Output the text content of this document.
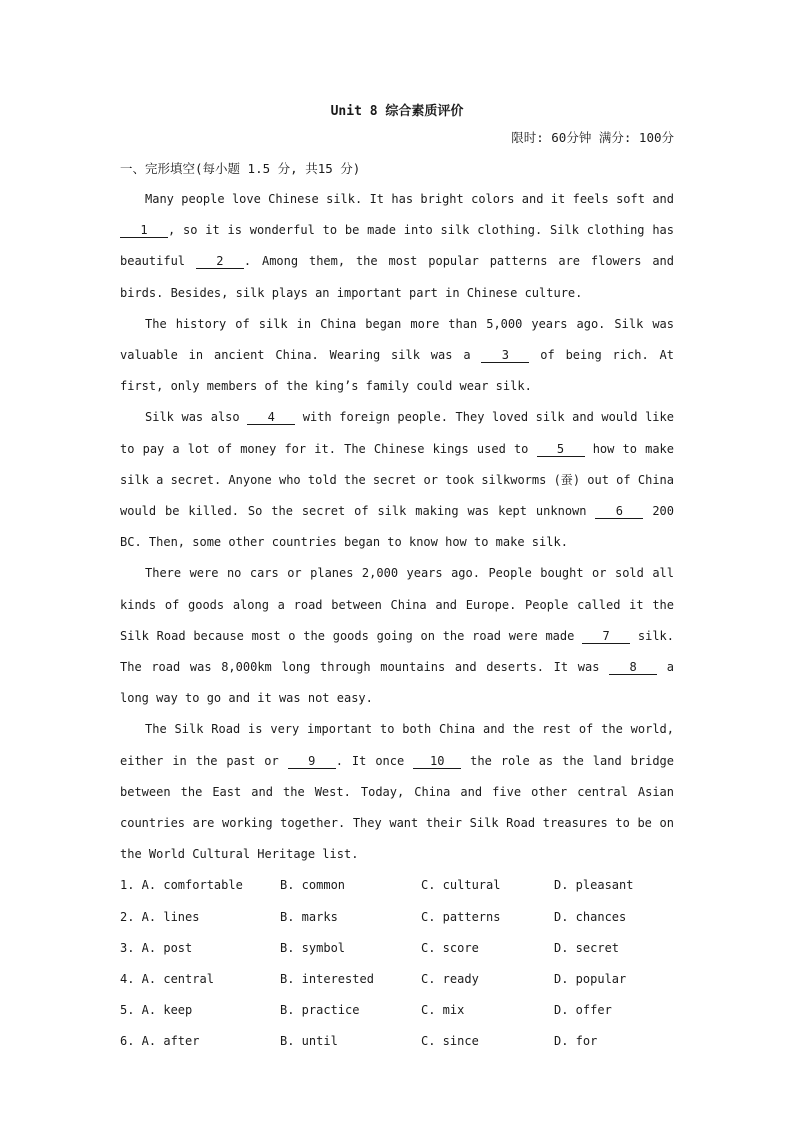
Unit 8 综合素质评价

限时: 60分钟 满分: 100分

一、完形填空(每小题 1.5 分, 共15 分)

Many people love Chinese silk. It has bright colors and it feels soft and 1 , so it is wonderful to be made into silk clothing. Silk clothing has beautiful 2 . Among them, the most popular patterns are flowers and birds. Besides, silk plays an important part in Chinese culture.

The history of silk in China began more than 5,000 years ago. Silk was valuable in ancient China. Wearing silk was a 3 of being rich. At first, only members of the king’s family could wear silk.

Silk was also 4 with foreign people. They loved silk and would like to pay a lot of money for it. The Chinese kings used to 5 how to make silk a secret. Anyone who told the secret or took silkworms (蚕) out of China would be killed. So the secret of silk making was kept unknown 6 200 BC. Then, some other countries began to know how to make silk.

There were no cars or planes 2,000 years ago. People bought or sold all kinds of goods along a road between China and Europe. People called it the Silk Road because most o the goods going on the road were made 7 silk. The road was 8,000km long through mountains and deserts. It was 8 a long way to go and it was not easy.

The Silk Road is very important to both China and the rest of the world, either in the past or 9 . It once 10 the role as the land bridge between the East and the West. Today, China and five other central Asian countries are working together. They want their Silk Road treasures to be on the World Cultural Heritage list.

1. A. comfortable	B. common	C. cultural	D. pleasant
2. A. lines	B. marks	C. patterns	D. chances
3. A. post	B. symbol	C. score	D. secret
4. A. central	B. interested	C. ready	D. popular
5. A. keep	B. practice	C. mix	D. offer
6. A. after	B. until	C. since	D. for
